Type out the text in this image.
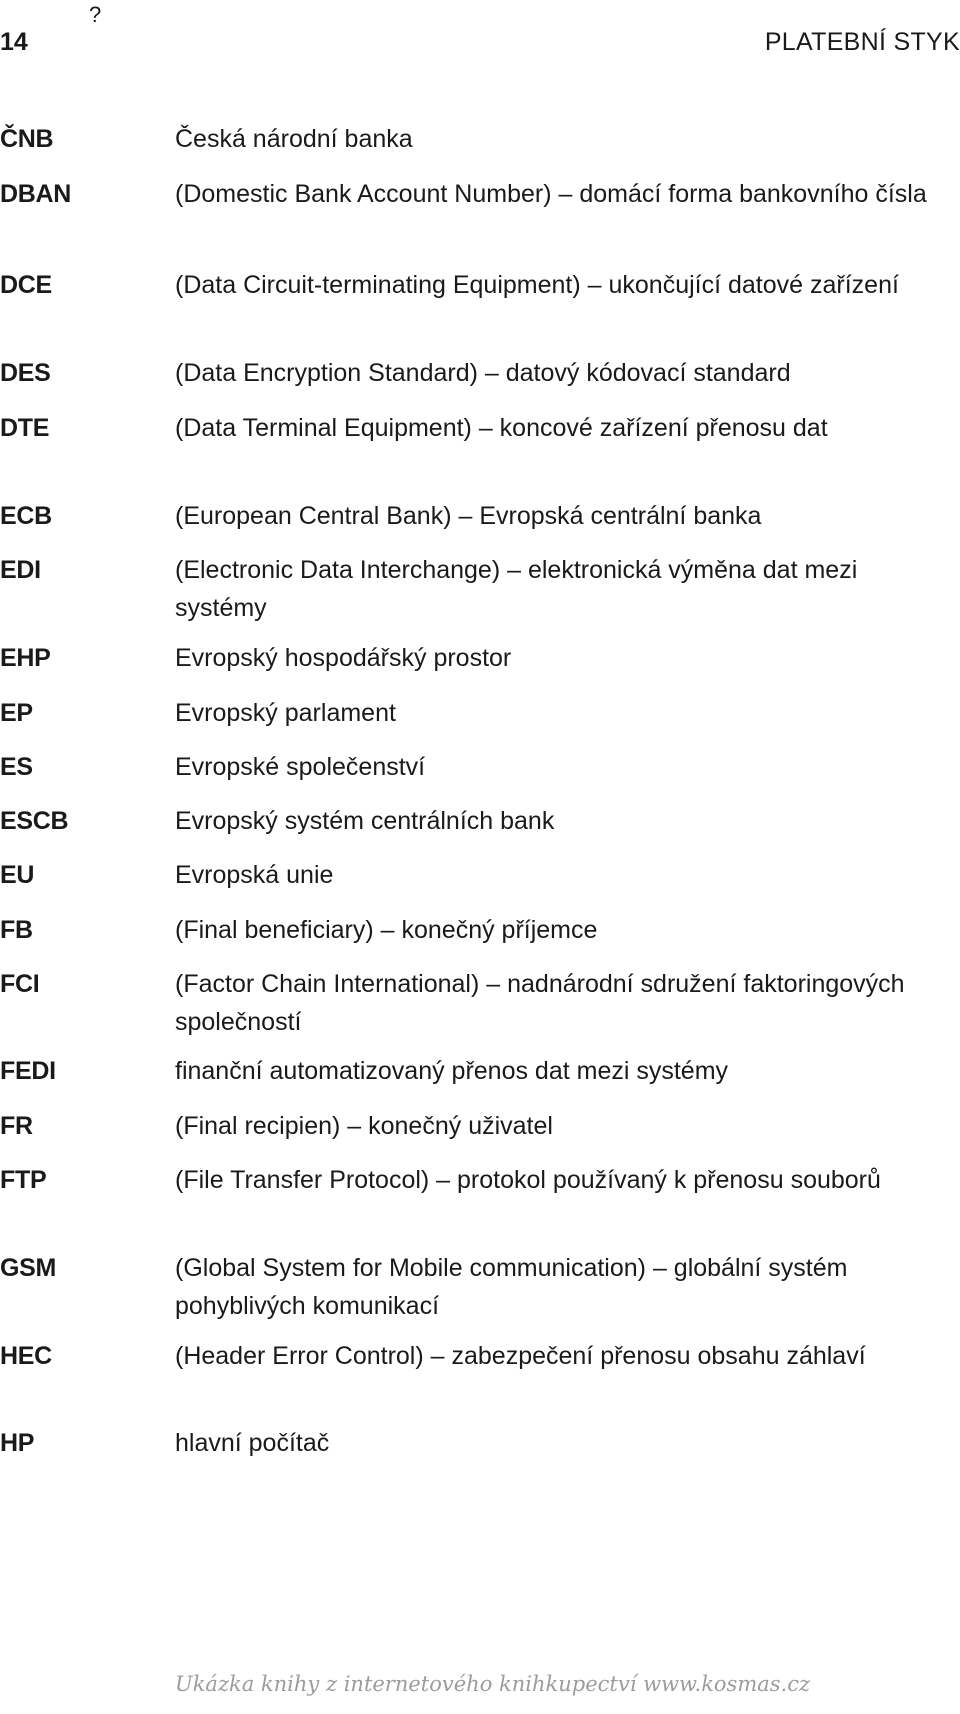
?
14	PLATEBNÍ STYK
ČNB	Česká národní banka
DBAN	(Domestic Bank Account Number) – domácí forma bankovního čísla
DCE	(Data Circuit-terminating Equipment) – ukončující datové zařízení
DES	(Data Encryption Standard) – datový kódovací standard
DTE	(Data Terminal Equipment) – koncové zařízení přenosu dat
ECB	(European Central Bank) – Evropská centrální banka
EDI	(Electronic Data Interchange) – elektronická výměna dat mezi systémy
EHP	Evropský hospodářský prostor
EP	Evropský parlament
ES	Evropské společenství
ESCB	Evropský systém centrálních bank
EU	Evropská unie
FB	(Final beneficiary) – konečný příjemce
FCI	(Factor Chain International) – nadnárodní sdružení faktoringových společností
FEDI	finanční automatizovaný přenos dat mezi systémy
FR	(Final recipien) – konečný uživatel
FTP	(File Transfer Protocol) – protokol používaný k přenosu souborů
GSM	(Global System for Mobile communication) – globální systém pohyblivých komunikací
HEC	(Header Error Control) – zabezpečení přenosu obsahu záhlaví
HP	hlavní počítač
Ukázka knihy z internetového knihkupectví www.kosmas.cz
